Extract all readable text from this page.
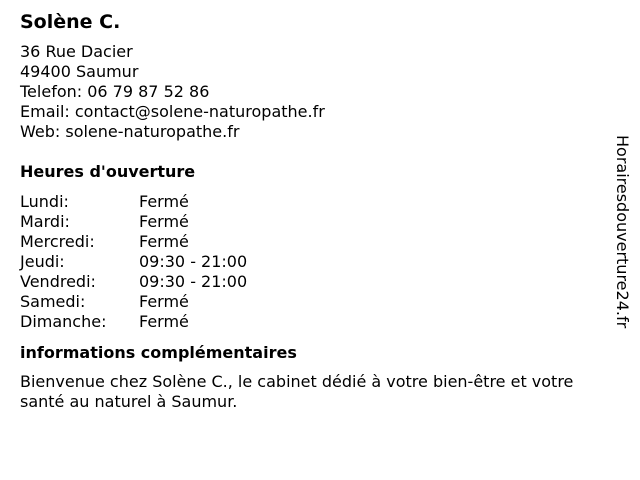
Solène C.
36 Rue Dacier
49400 Saumur
Telefon: 06 79 87 52 86
Email: contact@solene-naturopathe.fr
Web: solene-naturopathe.fr
Heures d'ouverture
Lundi:	Fermé
Mardi:	Fermé
Mercredi:	Fermé
Jeudi:	09:30 - 21:00
Vendredi:	09:30 - 21:00
Samedi:	Fermé
Dimanche:	Fermé
informations complémentaires
Bienvenue chez Solène C., le cabinet dédié à votre bien-être et votre santé au naturel à Saumur.
Horairesdouverture24.fr
